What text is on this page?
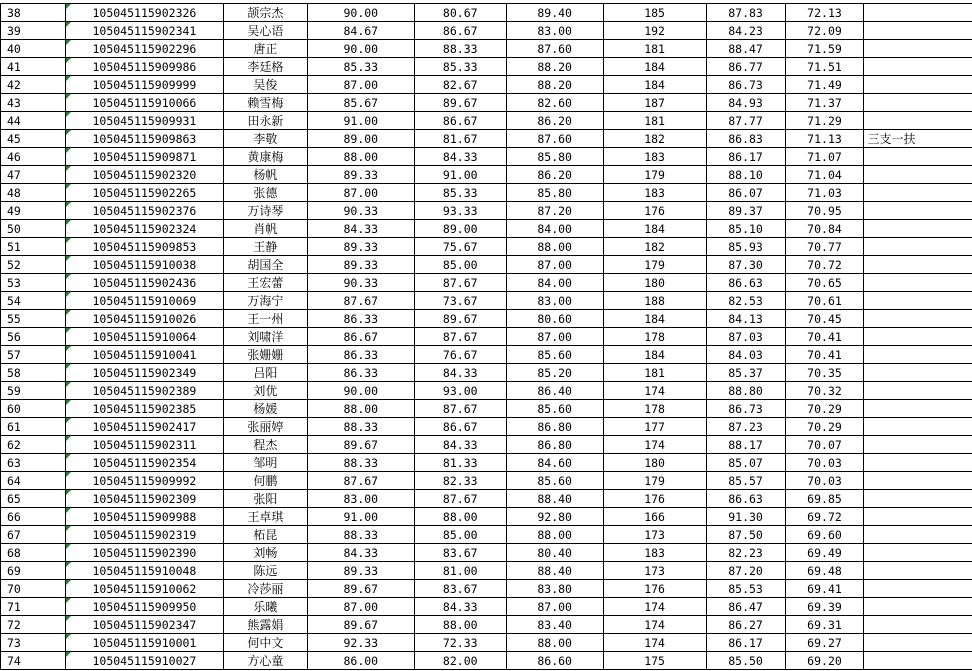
38	105045115902326	颉宗杰	90.00	80.67	89.40	185	87.83	72.13	
39	105045115902341	吴心语	84.67	86.67	83.00	192	84.23	72.09	
40	105045115902296	唐正	90.00	88.33	87.60	181	88.47	71.59	
41	105045115909986	李廷格	85.33	85.33	88.20	184	86.77	71.51	
42	105045115909999	吴俊	87.00	82.67	88.20	184	86.73	71.49	
43	105045115910066	赖雪梅	85.67	89.67	82.60	187	84.93	71.37	
44	105045115909931	田永新	91.00	86.67	86.20	181	87.77	71.29	
45	105045115909863	李敬	89.00	81.67	87.60	182	86.83	71.13	三支一扶
46	105045115909871	黄康梅	88.00	84.33	85.80	183	86.17	71.07	
47	105045115902320	杨帆	89.33	91.00	86.20	179	88.10	71.04	
48	105045115902265	张德	87.00	85.33	85.80	183	86.07	71.03	
49	105045115902376	万诗琴	90.33	93.33	87.20	176	89.37	70.95	
50	105045115902324	肖帆	84.33	89.00	84.00	184	85.10	70.84	
51	105045115909853	王静	89.33	75.67	88.00	182	85.93	70.77	
52	105045115910038	胡国全	89.33	85.00	87.00	179	87.30	70.72	
53	105045115902436	王宏蕾	90.33	87.67	84.00	180	86.63	70.65	
54	105045115910069	万海宁	87.67	73.67	83.00	188	82.53	70.61	
55	105045115910026	王一州	86.33	89.67	80.60	184	84.13	70.45	
56	105045115910064	刘啸洋	86.67	87.67	87.00	178	87.03	70.41	
57	105045115910041	张姗姗	86.33	76.67	85.60	184	84.03	70.41	
58	105045115902349	吕阳	86.33	84.33	85.20	181	85.37	70.35	
59	105045115902389	刘优	90.00	93.00	86.40	174	88.80	70.32	
60	105045115902385	杨媛	88.00	87.67	85.60	178	86.73	70.29	
61	105045115902417	张丽婷	88.33	86.67	86.80	177	87.23	70.29	
62	105045115902311	程杰	89.67	84.33	86.80	174	88.17	70.07	
63	105045115902354	邹明	88.33	81.33	84.60	180	85.07	70.03	
64	105045115909992	何鹏	87.67	82.33	85.60	179	85.57	70.03	
65	105045115902309	张阳	83.00	87.67	88.40	176	86.63	69.85	
66	105045115909988	王卓琪	91.00	88.00	92.80	166	91.30	69.72	
67	105045115902319	柘昆	88.33	85.00	88.00	173	87.50	69.60	
68	105045115902390	刘畅	84.33	83.67	80.40	183	82.23	69.49	
69	105045115910048	陈远	89.33	81.00	88.40	173	87.20	69.48	
70	105045115910062	冷莎丽	89.67	83.67	83.80	176	85.53	69.41	
71	105045115909950	乐曦	87.00	84.33	87.00	174	86.47	69.39	
72	105045115902347	熊露娟	89.67	88.00	83.40	174	86.27	69.31	
73	105045115910001	何中文	92.33	72.33	88.00	174	86.17	69.27	
74	105045115910027	方心童	86.00	82.00	86.60	175	85.50	69.20	
